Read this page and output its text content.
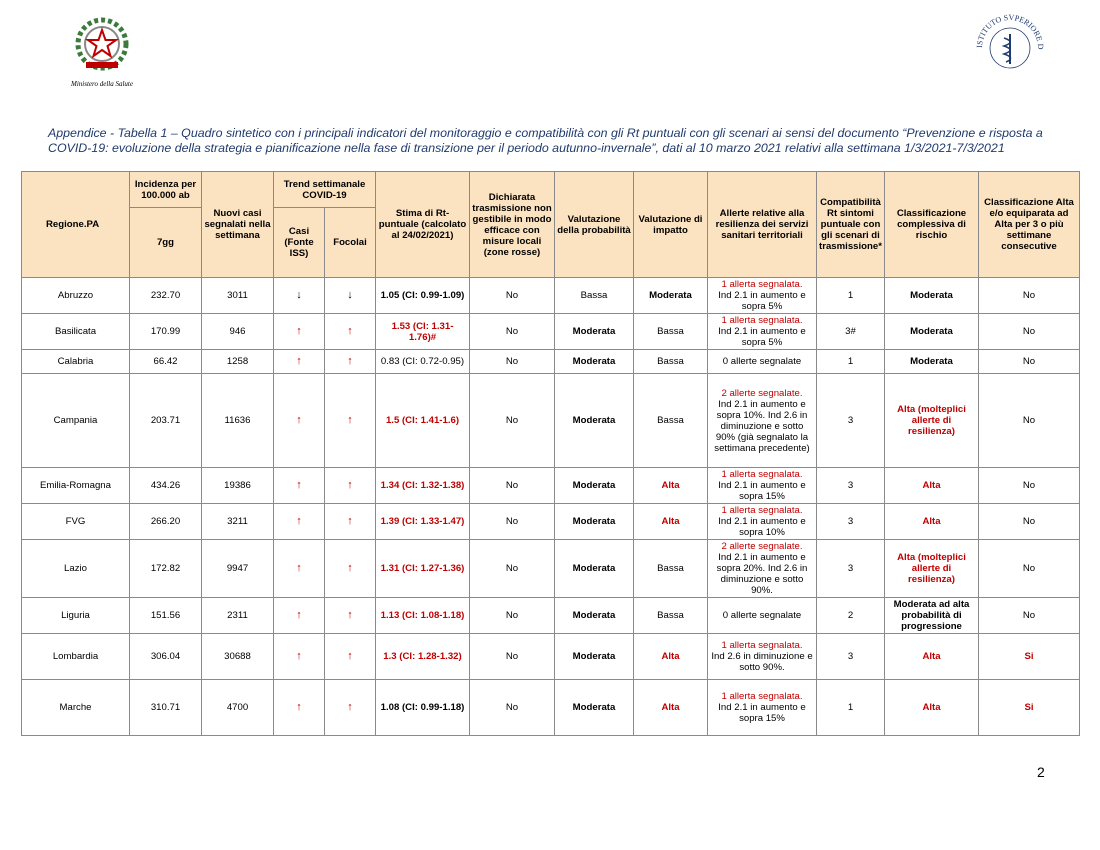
Ministero della Salute
ISTITUTO SVPERIORE D
Appendice - Tabella 1 – Quadro sintetico con i principali indicatori del monitoraggio e compatibilità con gli Rt puntuali con gli scenari ai sensi del documento “Prevenzione e risposta a COVID-19: evoluzione della strategia e pianificazione nella fase di transizione per il periodo autunno-invernale”, dati al 10 marzo 2021 relativi alla settimana 1/3/2021-7/3/2021
Regione.PA	Incidenza per 100.000 ab	Nuovi casi segnalati nella settimana	Trend settimanale COVID-19		Stima di Rt-puntuale (calcolato al 24/02/2021)	Dichiarata trasmissione non gestibile in modo efficace con misure locali (zone rosse)	Valutazione della probabilità	Valutazione di impatto	Allerte relative alla resilienza dei servizi sanitari territoriali	Compatibilità Rt sintomi puntuale con gli scenari di trasmissione*	Classificazione complessiva di rischio	Classificazione Alta e/o equiparata ad Alta per 3 o più settimane consecutive
	7gg		Casi (Fonte ISS)	Focolai								
Abruzzo	232.70	3011	↓	↓	1.05 (CI: 0.99-1.09)	No	Bassa	Moderata	1 allerta segnalata.
Ind 2.1 in aumento e sopra 5%	1	Moderata	No
Basilicata	170.99	946	↑	↑	1.53 (CI: 1.31-1.76)#	No	Moderata	Bassa	1 allerta segnalata.
Ind 2.1 in aumento e sopra 5%	3#	Moderata	No
Calabria	66.42	1258	↑	↑	0.83 (CI: 0.72-0.95)	No	Moderata	Bassa	0 allerte segnalate	1	Moderata	No
Campania	203.71	11636	↑	↑	1.5 (CI: 1.41-1.6)	No	Moderata	Bassa	2 allerte segnalate.
Ind 2.1 in aumento e sopra 10%. Ind 2.6 in diminuzione e sotto 90% (già segnalato la settimana precedente)	3	Alta (molteplici allerte di resilienza)	No
Emilia-Romagna	434.26	19386	↑	↑	1.34 (CI: 1.32-1.38)	No	Moderata	Alta	1 allerta segnalata.
Ind 2.1 in aumento e sopra 15%	3	Alta	No
FVG	266.20	3211	↑	↑	1.39 (CI: 1.33-1.47)	No	Moderata	Alta	1 allerta segnalata.
Ind 2.1 in aumento e sopra 10%	3	Alta	No
Lazio	172.82	9947	↑	↑	1.31 (CI: 1.27-1.36)	No	Moderata	Bassa	2 allerte segnalate.
Ind 2.1 in aumento e sopra 20%. Ind 2.6 in diminuzione e sotto 90%.	3	Alta (molteplici allerte di resilienza)	No
Liguria	151.56	2311	↑	↑	1.13 (CI: 1.08-1.18)	No	Moderata	Bassa	0 allerte segnalate	2	Moderata ad alta probabilità di progressione	No
Lombardia	306.04	30688	↑	↑	1.3 (CI: 1.28-1.32)	No	Moderata	Alta	1 allerta segnalata.
Ind 2.6 in diminuzione e sotto 90%.	3	Alta	Si
Marche	310.71	4700	↑	↑	1.08 (CI: 0.99-1.18)	No	Moderata	Alta	1 allerta segnalata.
Ind 2.1 in aumento e sopra 15%	1	Alta	Si
2
